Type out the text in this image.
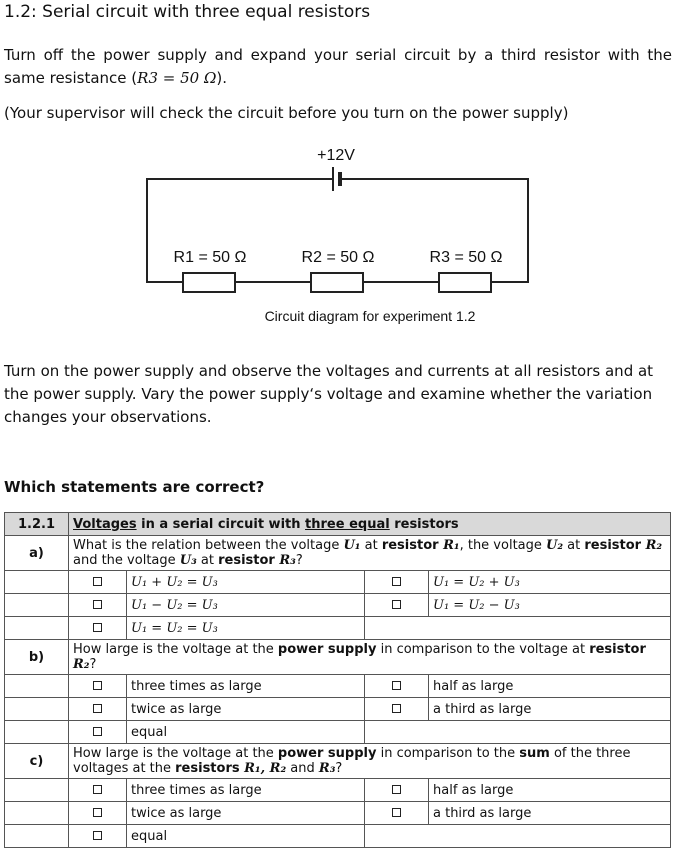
1.2: Serial circuit with three equal resistors
Turn off the power supply and expand your serial circuit by a third resistor with the same resistance (R3 = 50 Ω).
(Your supervisor will check the circuit before you turn on the power supply)
+12V
R1 = 50 Ω	R2 = 50 Ω	R3 = 50 Ω
Circuit diagram for experiment 1.2
Turn on the power supply and observe the voltages and currents at all resistors and at the power supply. Vary the power supply‘s voltage and examine whether the variation changes your observations.
Which statements are correct?
1.2.1	Voltages in a serial circuit with three equal resistors			
a)	What is the relation between the voltage U₁ at resistor R₁, the voltage U₂ at resistor R₂ and the voltage U₃ at resistor R₃?			
		U₁ + U₂ = U₃		U₁ = U₂ + U₃
		U₁ − U₂ = U₃		U₁ = U₂ − U₃
		U₁ = U₂ = U₃		
b)	How large is the voltage at the power supply in comparison to the voltage at resistor R₂?			
		three times as large		half as large
		twice as large		a third as large
		equal		
c)	How large is the voltage at the power supply in comparison to the sum of the three voltages at the resistors R₁, R₂ and R₃?			
		three times as large		half as large
		twice as large		a third as large
		equal		
